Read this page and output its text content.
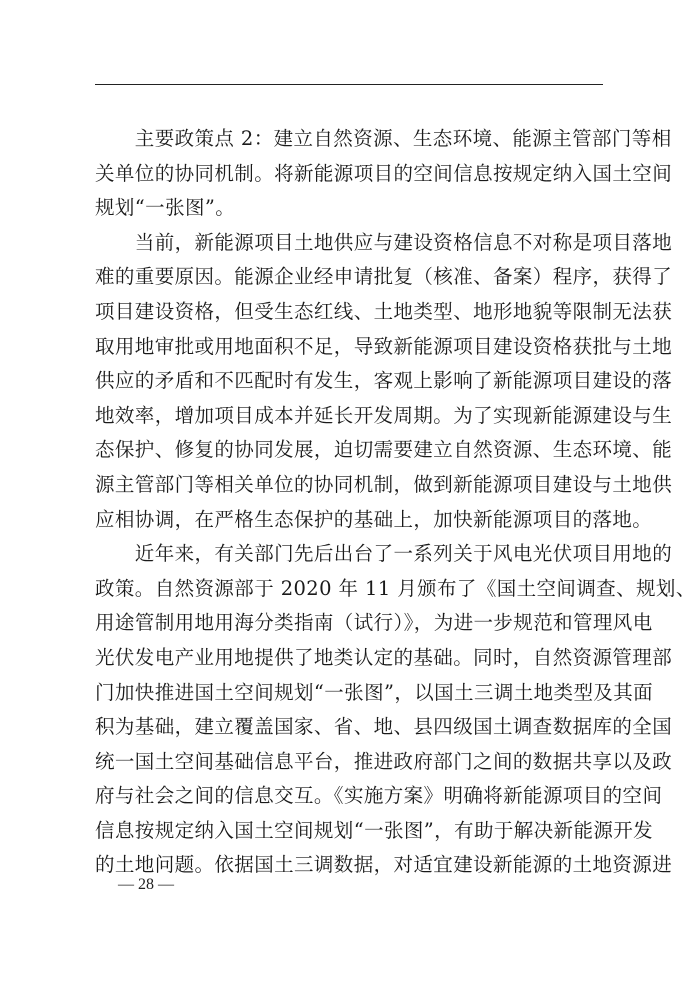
　　主要政策点 2：建立自然资源、生态环境、能源主管部门等相
关单位的协同机制。将新能源项目的空间信息按规定纳入国土空间
规划“一张图”。
　　当前，新能源项目土地供应与建设资格信息不对称是项目落地
难的重要原因。能源企业经申请批复（核准、备案）程序，获得了
项目建设资格，但受生态红线、土地类型、地形地貌等限制无法获
取用地审批或用地面积不足，导致新能源项目建设资格获批与土地
供应的矛盾和不匹配时有发生，客观上影响了新能源项目建设的落
地效率，增加项目成本并延长开发周期。为了实现新能源建设与生
态保护、修复的协同发展，迫切需要建立自然资源、生态环境、能
源主管部门等相关单位的协同机制，做到新能源项目建设与土地供
应相协调，在严格生态保护的基础上，加快新能源项目的落地。
　　近年来，有关部门先后出台了一系列关于风电光伏项目用地的
政策。自然资源部于 2020 年 11 月颁布了《国土空间调查、规划、
用途管制用地用海分类指南（试行）》，为进一步规范和管理风电
光伏发电产业用地提供了地类认定的基础。同时，自然资源管理部
门加快推进国土空间规划“一张图”，以国土三调土地类型及其面
积为基础，建立覆盖国家、省、地、县四级国土调查数据库的全国
统一国土空间基础信息平台，推进政府部门之间的数据共享以及政
府与社会之间的信息交互。《实施方案》明确将新能源项目的空间
信息按规定纳入国土空间规划“一张图”，有助于解决新能源开发
的土地问题。依据国土三调数据，对适宜建设新能源的土地资源进
— 28 —
